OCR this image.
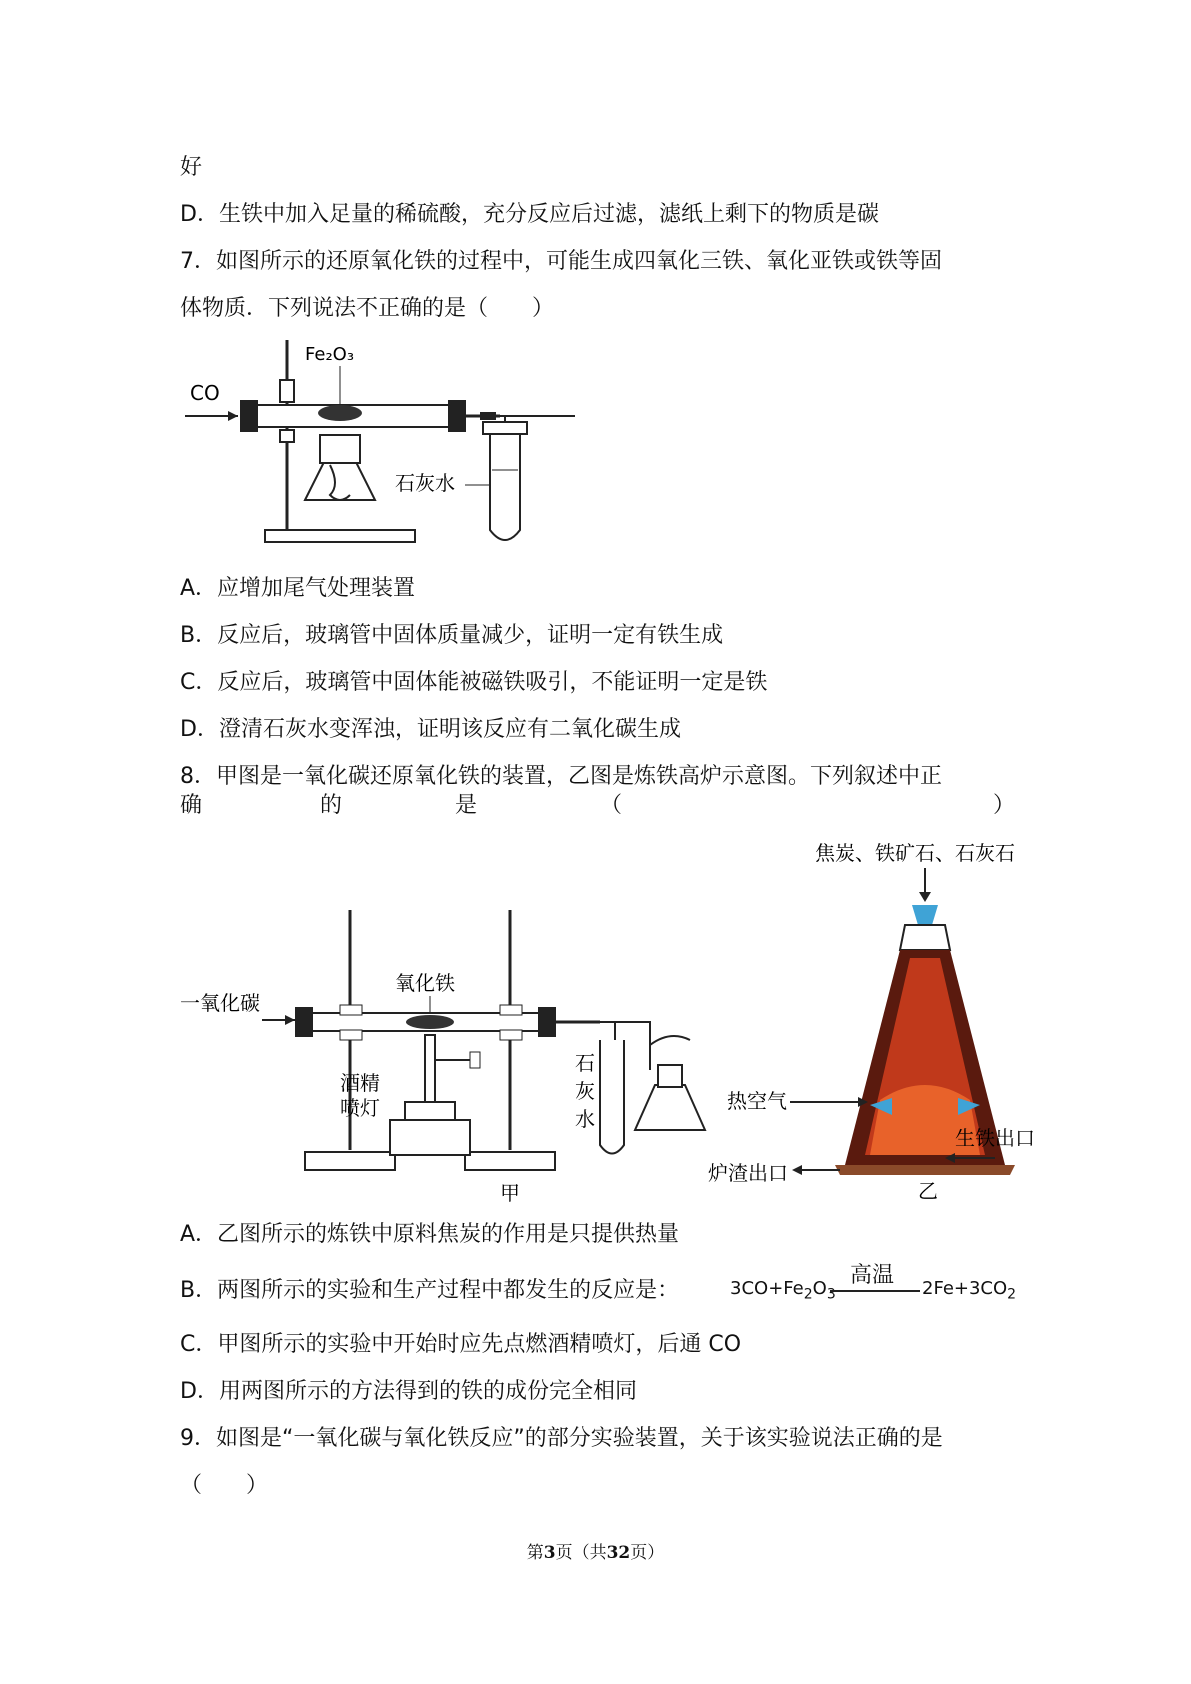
好
D．生铁中加入足量的稀硫酸，充分反应后过滤，滤纸上剩下的物质是碳
7．如图所示的还原氧化铁的过程中，可能生成四氧化三铁、氧化亚铁或铁等固
体物质．下列说法不正确的是（　　）
CO
Fe₂O₃
石灰水
A．应增加尾气处理装置
B．反应后，玻璃管中固体质量减少，证明一定有铁生成
C．反应后，玻璃管中固体能被磁铁吸引，不能证明一定是铁
D．澄清石灰水变浑浊，证明该反应有二氧化碳生成
8．甲图是一氧化碳还原氧化铁的装置，乙图是炼铁高炉示意图。下列叙述中正
确	的	是	（	）
一氧化碳
氧化铁
酒精
喷灯
石
灰
水
甲
焦炭、铁矿石、石灰石
热空气
炉渣出口
生铁出口
乙
A．乙图所示的炼铁中原料焦炭的作用是只提供热量
B．两图所示的实验和生产过程中都发生的反应是：	$3CO+Fe_2O_3$
高温
$2Fe+3CO_2$
C．甲图所示的实验中开始时应先点燃酒精喷灯，后通 CO
D．用两图所示的方法得到的铁的成份完全相同
9．如图是“一氧化碳与氧化铁反应”的部分实验装置，关于该实验说法正确的是
（　　）
第3页（共32页）
